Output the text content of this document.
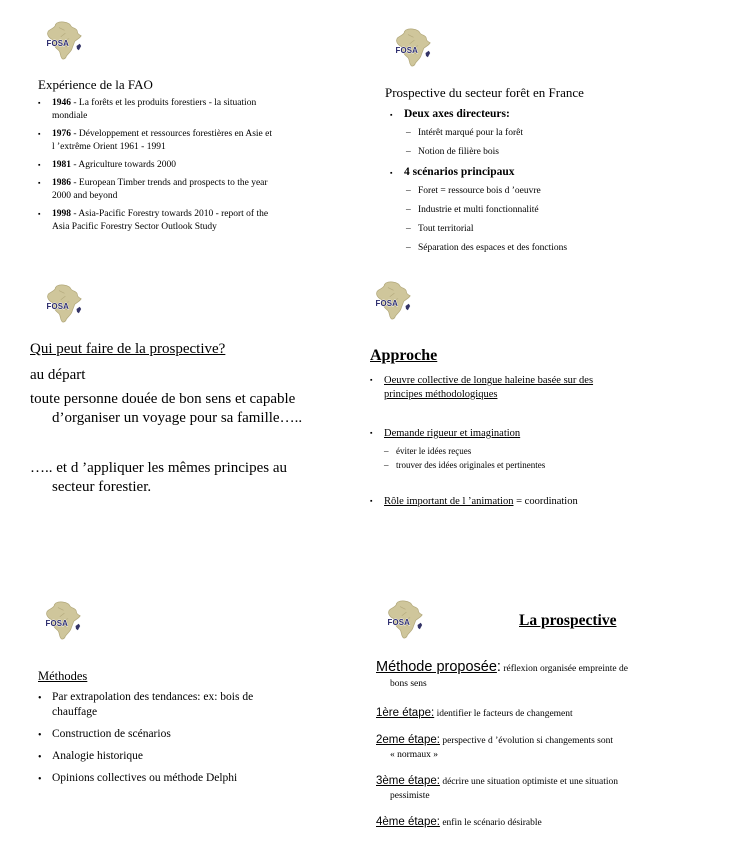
FOSA
Expérience de la FAO
▪ 1946 - La forêts et les produits forestiers - la situation
mondiale
▪ 1976 - Développement et ressources forestières en Asie et
l ’extrême Orient 1961 - 1991
▪ 1981 - Agriculture towards 2000
▪ 1986 - European Timber trends and prospects to the year
2000 and beyond
▪ 1998 - Asia-Pacific Forestry towards 2010 - report of the
Asia Pacific Forestry Sector Outlook Study
FOSA
Prospective du secteur forêt en France
▪ Deux axes directeurs:
– Intérêt marqué pour la forêt
– Notion de filière bois
▪ 4 scénarios principaux
– Foret = ressource bois d ’oeuvre
– Industrie et multi fonctionnalité
– Tout territorial
– Séparation des espaces et des fonctions
FOSA

Qui peut faire de la prospective?

au départ

toute personne douée de bon sens et capable
d’organiser un voyage pour sa famille…..

….. et d ’appliquer les mêmes principes au
secteur forestier.

FOSA

Approche

▪ Oeuvre collective de longue haleine basée sur des
principes méthodologiques
▪ Demande rigueur et imagination
– éviter le idées reçues
– trouver des idées originales et pertinentes
▪ Rôle important de l ’animation = coordination
FOSA

Méthodes

• Par extrapolation des tendances: ex: bois de
chauffage
• Construction de scénarios
• Analogie historique
• Opinions collectives ou méthode Delphi
FOSA	La prospective

Méthode proposée: réflexion organisée empreinte de
bons sens

1ère étape: identifier le facteurs de changement

2eme étape: perspective d ’évolution si changements sont
« normaux »

3ème étape: décrire une situation optimiste et une situation
pessimiste

4ème étape: enfin le scénario désirable
